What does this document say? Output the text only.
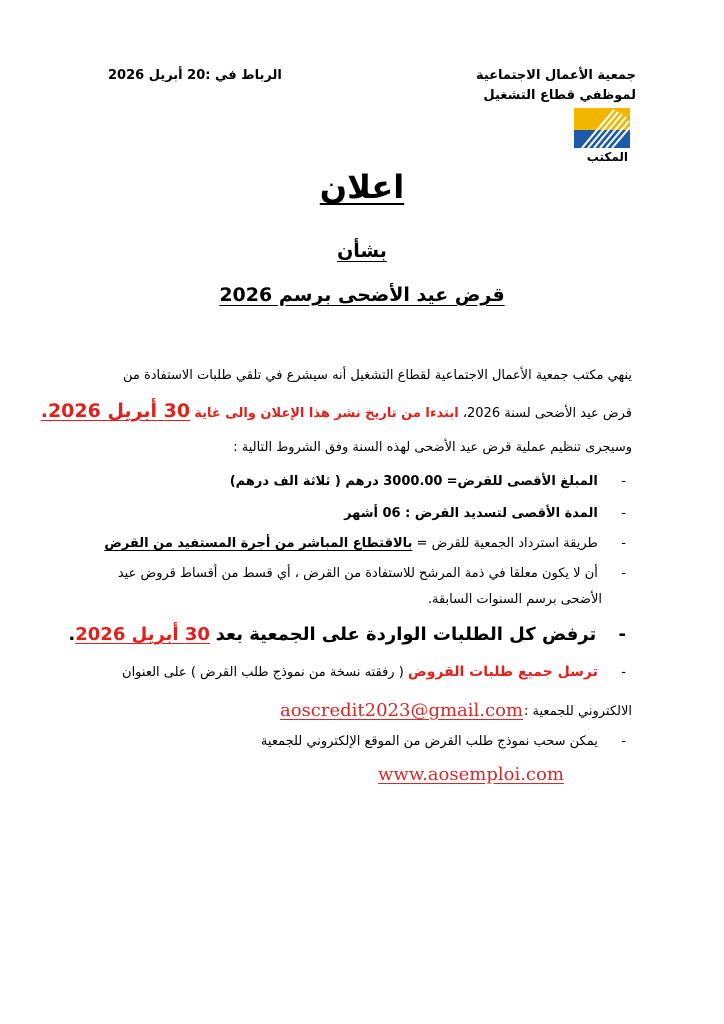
جمعية الأعمال الاجتماعية
لموظفي قطاع التشغيل
الرباط في :20 أبريل 2026
المكتب
اعلان
بشأن
قرض عيد الأضحى برسم 2026
ينهي مكتب جمعية الأعمال الاجتماعية لقطاع التشغيل أنه سيشرع في تلقي طلبات الاستفادة من
قرض عيد الأضحى لسنة 2026، ابتدءا من تاريخ نشر هذا الإعلان والى غاية 30 أبريل 2026.
وسيجرى تنظيم عملية قرض عيد الأضحى لهذه السنة وفق الشروط التالية :
- المبلغ الأقصى للقرض= 3000.00 درهم ( ثلاثة الف درهم)
- المدة الأقصى لتسديد القرض : 06 أشهر
- طريقة استرداد الجمعية للقرض = بالاقتطاع المباشر من أجرة المستفيد من القرض
- أن لا يكون معلقا في ذمة المرشح للاستفادة من القرض ، أي قسط من أقساط قروض عيد
الأضحى برسم السنوات السابقة.
- ترفض كل الطلبات الواردة على الجمعية بعد 30 أبريل 2026.
- ترسل جميع طلبات القروض ( رفقته نسخة من نموذج طلب القرض ) على العنوان
الالكتروني للجمعية :
aoscredit2023@gmail.com
- يمكن سحب نموذج طلب القرض من الموقع الإلكتروني للجمعية
www.aosemploi.com
